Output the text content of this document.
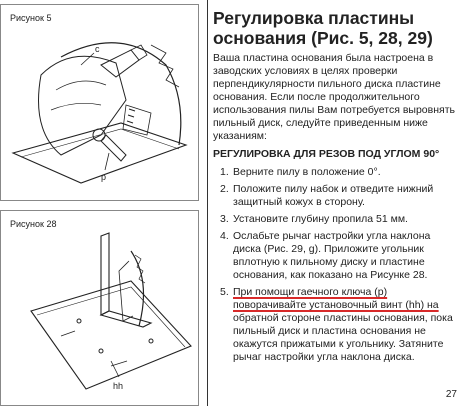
Рисунок 5
c
p
Рисунок 28
hh
Регулировка пластины
основания (Рис. 5, 28, 29)
Ваша пластина основания была настроена в заводских условиях в целях проверки перпендикулярности пильного диска пластине основания. Если после продолжительного использования пилы Вам потребуется выровнять пильный диск, следуйте приведенным ниже указаниям:
РЕГУЛИРОВКА ДЛЯ РЕЗОВ ПОД УГЛОМ 90°
1. Верните пилу в положение 0°.
2. Положите пилу набок и отведите нижний защитный кожух в сторону.
3. Установите глубину пропила 51 мм.
4. Ослабьте рычаг настройки угла наклона диска (Рис. 29, g). Приложите угольник вплотную к пильному диску и пластине основания, как показано на Рисунке 28.
5. При помощи гаечного ключа (p) поворачивайте установочный винт (hh) на обратной стороне пластины основания, пока пильный диск и пластина основания не окажутся прижатыми к угольнику. Затяните рычаг настройки угла наклона диска.
27
